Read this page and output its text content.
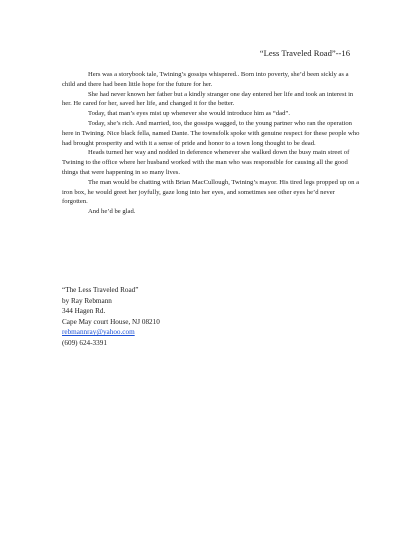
“Less Traveled Road”--16

Hers was a storybook tale, Twining’s gossips whispered.. Born into poverty, she’d been sickly as a child and there had been little hope for the future for her.

She had never known her father but a kindly stranger one day entered her life and took an interest in her. He cared for her, saved her life, and changed it for the better.

Today, that man’s eyes mist up whenever she would introduce him as “dad”.

Today, she’s rich. And married, too, the gossips wagged, to the young partner who ran the operation here in Twining. Nice black fella, named Dante. The townsfolk spoke with genuine respect for these people who had brought prosperity and with it a sense of pride and honor to a town long thought to be dead.

Heads turned her way and nodded in deference whenever she walked down the busy main street of Twining to the office where her husband worked with the man who was responsible for causing all the good things that were happening in so many lives.

The man would be chatting with Brian MacCullough, Twining’s mayor. His tired legs propped up on a iron box, he would greet her joyfully, gaze long into her eyes, and sometimes see other eyes he’d never forgotten.

And he’d be glad.

“The Less Traveled Road”
by Ray Rebmann
344 Hagen Rd.
Cape May court House, NJ 08210
rebmannray@yahoo.com
(609) 624-3391
